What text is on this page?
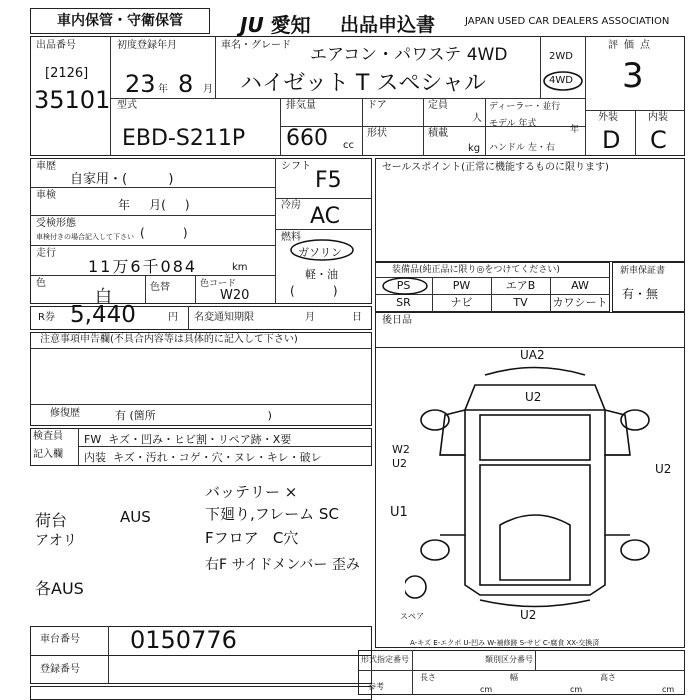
車内保管・守衛保管	JU 愛知 出品申込書	JAPAN USED CAR DEALERS ASSOCIATION
出品番号
[2126]
35101
初度登録年月
23 年 8 月
車名・グレード エアコン・パワステ 4WD
ハイゼット T スペシャル
2WD
4WD
評価点
3
外装	内装
D C
型式
EBD-S211P
排気量
660 cc
ドア
形状
定員
人
積載
kg
ディーラー・並行
モデル 年式
年
ハンドル 左・右
車歴
自家用・(          )
車検
年     月(     )
受検形態
車検付きの場合記入して下さい (          )
走行
11万6千084	km
色
白	色替	色コード
W20
シフト
F5
冷房 AC
燃料
ガソリン
軽・油
(          )
セールスポイント(正常に機能するものに限ります)
装備品(純正品に限り◎をつけてください)
PS	PW	エアB	AW
SR	ナビ	TV	カワシート
新車保証書
有・無
R券 5,440	円 名変通知期限	月	日 後日品
注意事項申告欄(不具合内容等は具体的に記入して下さい)
修復歴	有 (箇所                                )
検査員
記入欄
FW  キズ・凹み・ヒビ割・リペア跡・X要
内装  キズ・汚れ・コゲ・穴・ヌレ・キレ・破レ
バッテリー ×
下廻り,フレーム SC
Fフロア   C穴
右F サイドメンバー 歪み
荷台	AUS
アオリ
各AUS
UA2
U2
W2
U2
U1
U2
U2
スペア
A-キズ E-エクボ U-凹み W-補修跡 S-サビ C-腐食 XX-交換済
車台番号 0150776
登録番号
形式指定番号	類別区分番号
長さ
cm
幅
cm
高さ
cm
参考
